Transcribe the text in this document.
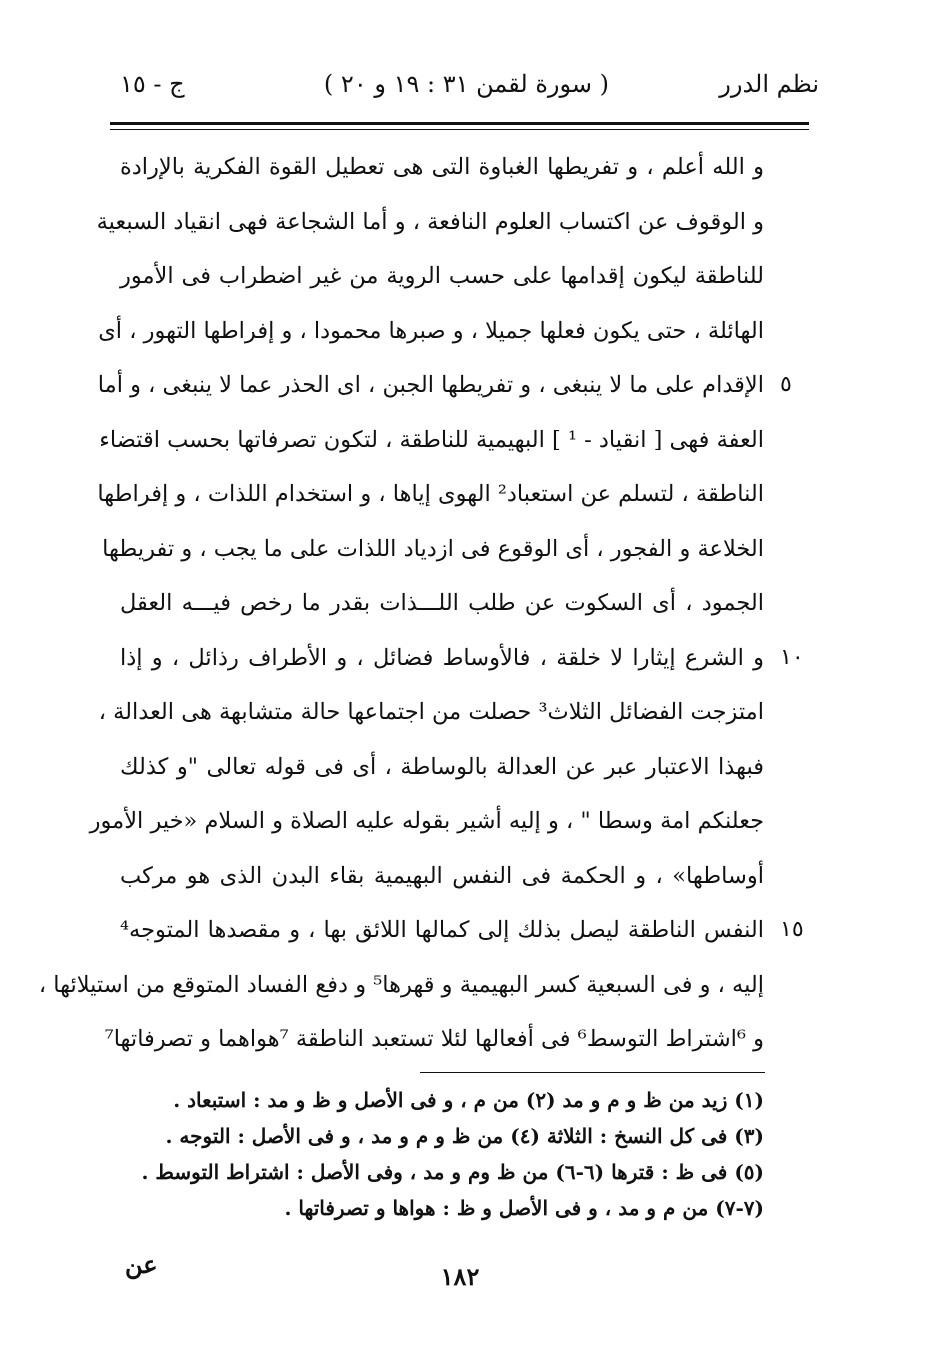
نظم الدرر
( سورة لقمن ٣١ : ١٩ و ٢٠ )
ج - ١٥
و الله أعلم ، و تفريطها الغباوة التى هى تعطيل القوة الفكرية بالإرادة
و الوقوف عن اكتساب العلوم النافعة ، و أما الشجاعة فهى انقياد السبعية
للناطقة ليكون إقدامها على حسب الروية من غير اضطراب فى الأمور
الهائلة ، حتى يكون فعلها جميلا ، و صبرها محمودا ، و إفراطها التهور ، أى
الإقدام على ما لا ينبغى ، و تفريطها الجبن ، اى الحذر عما لا ينبغى ، و أما
العفة فهى [ انقياد - ¹ ] البهيمية للناطقة ، لتكون تصرفاتها بحسب اقتضاء
الناطقة ، لتسلم عن استعباد² الهوى إياها ، و استخدام اللذات ، و إفراطها
الخلاعة و الفجور ، أى الوقوع فى ازدياد اللذات على ما يجب ، و تفريطها
الجمود ، أى السكوت عن طلب اللـــذات بقدر ما رخص فيـــه العقل
و الشرع إيثارا لا خلقة ، فالأوساط فضائل ، و الأطراف رذائل ، و إذا
امتزجت الفضائل الثلاث³ حصلت من اجتماعها حالة متشابهة هى العدالة ،
فبهذا الاعتبار عبر عن العدالة بالوساطة ، أى فى قوله تعالى "و كذلك
جعلنكم امة وسطا " ، و إليه أشير بقوله عليه الصلاة و السلام «خير الأمور
أوساطها» ، و الحكمة فى النفس البهيمية بقاء البدن الذى هو مركب
النفس الناطقة ليصل بذلك إلى كمالها اللائق بها ، و مقصدها المتوجه⁴
إليه ، و فى السبعية كسر البهيمية و قهرها⁵ و دفع الفساد المتوقع من استيلائها ،
و ⁶اشتراط التوسط⁶ فى أفعالها لئلا تستعبد الناطقة ⁷هواهما و تصرفاتها⁷
٥
١٠
١٥
(١) زيد من ظ و م و مد (٢) من م ، و فى الأصل و ظ و مد : استبعاد .
(٣) فى كل النسخ : الثلاثة (٤) من ظ و م و مد ، و فى الأصل : التوجه .
(٥) فى ظ : قترها (٦-٦) من ظ وم و مد ، وفى الأصل : اشتراط التوسط .
(٧-٧) من م و مد ، و فى الأصل و ظ : هواها و تصرفاتها .
عن	١٨٢
